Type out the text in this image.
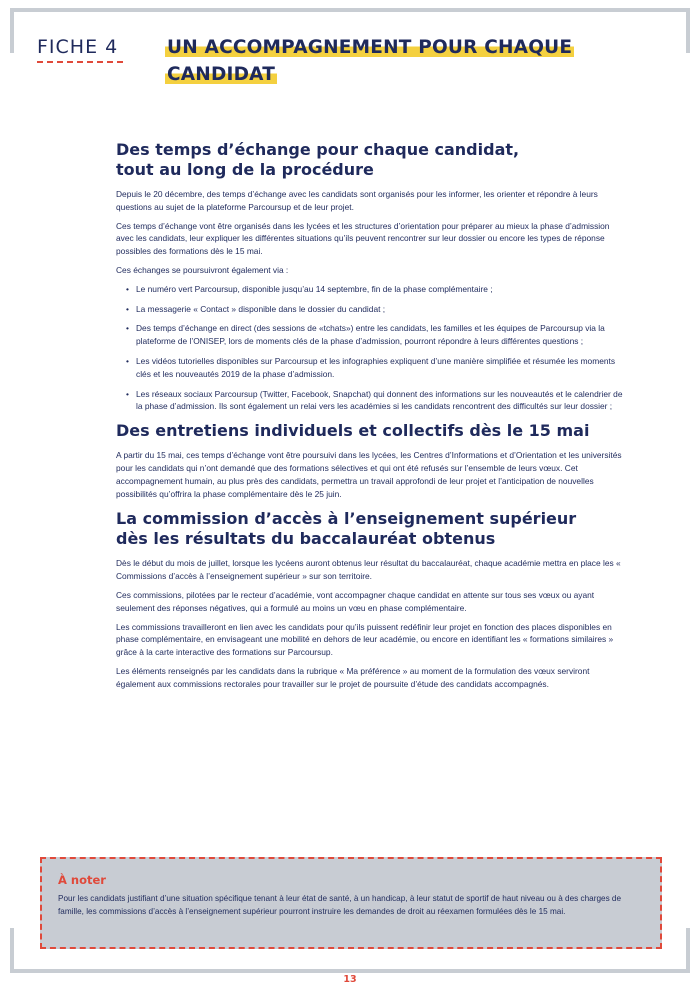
FICHE 4	UN ACCOMPAGNEMENT POUR CHAQUE CANDIDAT
Des temps d’échange pour chaque candidat,
tout au long de la procédure

Depuis le 20 décembre, des temps d’échange avec les candidats sont organisés pour les informer, les orienter et répondre à leurs questions au sujet de la plateforme Parcoursup et de leur projet.

Ces temps d’échange vont être organisés dans les lycées et les structures d’orientation pour préparer au mieux la phase d’admission avec les candidats, leur expliquer les différentes situations qu’ils peuvent rencontrer sur leur dossier ou encore les types de réponse possibles des formations dès le 15 mai.

Ces échanges se poursuivront également via :

• Le numéro vert Parcoursup, disponible jusqu’au 14 septembre, fin de la phase complémentaire ;
• La messagerie « Contact » disponible dans le dossier du candidat ;
• Des temps d’échange en direct (des sessions de «tchats») entre les candidats, les familles et les équipes de Parcoursup via la plateforme de l’ONISEP, lors de moments clés de la phase d’admission, pourront répondre à leurs différentes questions ;
• Les vidéos tutorielles disponibles sur Parcoursup et les infographies expliquent d’une manière simplifiée et résumée les moments clés et les nouveautés 2019 de la phase d’admission.
• Les réseaux sociaux Parcoursup (Twitter, Facebook, Snapchat) qui donnent des informations sur les nouveautés et le calendrier de la phase d’admission. Ils sont également un relai vers les académies si les candidats rencontrent des difficultés sur leur dossier ;
Des entretiens individuels et collectifs dès le 15 mai

A partir du 15 mai, ces temps d’échange vont être poursuivi dans les lycées, les Centres d’Informations et d’Orientation et les universités pour les candidats qui n’ont demandé que des formations sélectives et qui ont été refusés sur l’ensemble de leurs vœux. Cet accompagnement humain, au plus près des candidats, permettra un travail approfondi de leur projet et l’anticipation de nouvelles possibilités qu’offrira la phase complémentaire dès le 25 juin.

La commission d’accès à l’enseignement supérieur
dès les résultats du baccalauréat obtenus

Dès le début du mois de juillet, lorsque les lycéens auront obtenus leur résultat du baccalauréat, chaque académie mettra en place les « Commissions d’accès à l’enseignement supérieur » sur son territoire.

Ces commissions, pilotées par le recteur d’académie, vont accompagner chaque candidat en attente sur tous ses vœux ou ayant seulement des réponses négatives, qui a formulé au moins un vœu en phase complémentaire.

Les commissions travailleront en lien avec les candidats pour qu’ils puissent redéfinir leur projet en fonction des places disponibles en phase complémentaire, en envisageant une mobilité en dehors de leur académie, ou encore en identifiant les « formations similaires » grâce à la carte interactive des formations sur Parcoursup.

Les éléments renseignés par les candidats dans la rubrique « Ma préférence » au moment de la formulation des vœux serviront également aux commissions rectorales pour travailler sur le projet de poursuite d’étude des candidats accompagnés.

À noter
Pour les candidats justifiant d’une situation spécifique tenant à leur état de santé, à un handicap, à leur statut de sportif de haut niveau ou à des charges de famille, les commissions d’accès à l’enseignement supérieur pourront instruire les demandes de droit au réexamen formulées dès le 15 mai.
13
